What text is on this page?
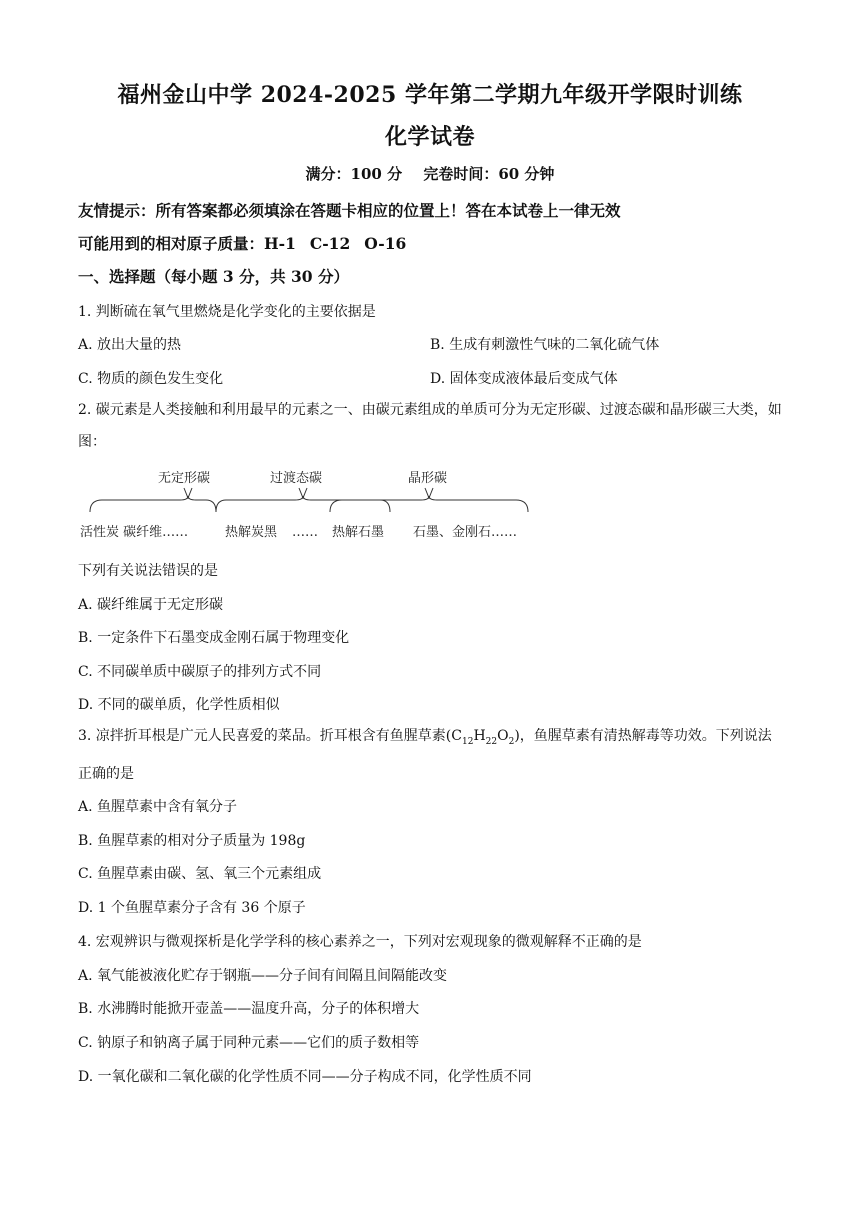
福州金山中学 2024-2025 学年第二学期九年级开学限时训练
化学试卷
满分：100 分 完卷时间：60 分钟
友情提示：所有答案都必须填涂在答题卡相应的位置上！答在本试卷上一律无效
可能用到的相对原子质量：H-1 C-12 O-16
一、选择题（每小题 3 分，共 30 分）
1. 判断硫在氧气里燃烧是化学变化的主要依据是
A. 放出大量的热	B. 生成有刺激性气味的二氧化硫气体
C. 物质的颜色发生变化	D. 固体变成液体最后变成气体
2. 碳元素是人类接触和利用最早的元素之一、由碳元素组成的单质可分为无定形碳、过渡态碳和晶形碳三大类，如图：
无定形碳	过渡态碳	晶形碳
活性炭 碳纤维……	热解炭黑 …… 热解石墨 石墨、金刚石……
下列有关说法错误的是
A. 碳纤维属于无定形碳
B. 一定条件下石墨变成金刚石属于物理变化
C. 不同碳单质中碳原子的排列方式不同
D. 不同的碳单质，化学性质相似
3. 凉拌折耳根是广元人民喜爱的菜品。折耳根含有鱼腥草素$(C_{12}H_{22}O_2)$，鱼腥草素有清热解毒等功效。下列说法正确的是
A. 鱼腥草素中含有氧分子
B. 鱼腥草素的相对分子质量为 198g
C. 鱼腥草素由碳、氢、氧三个元素组成
D. 1 个鱼腥草素分子含有 36 个原子
4. 宏观辨识与微观探析是化学学科的核心素养之一，下列对宏观现象的微观解释不正确的是
A. 氧气能被液化贮存于钢瓶——分子间有间隔且间隔能改变
B. 水沸腾时能掀开壶盖——温度升高，分子的体积增大
C. 钠原子和钠离子属于同种元素——它们的质子数相等
D. 一氧化碳和二氧化碳的化学性质不同——分子构成不同，化学性质不同
